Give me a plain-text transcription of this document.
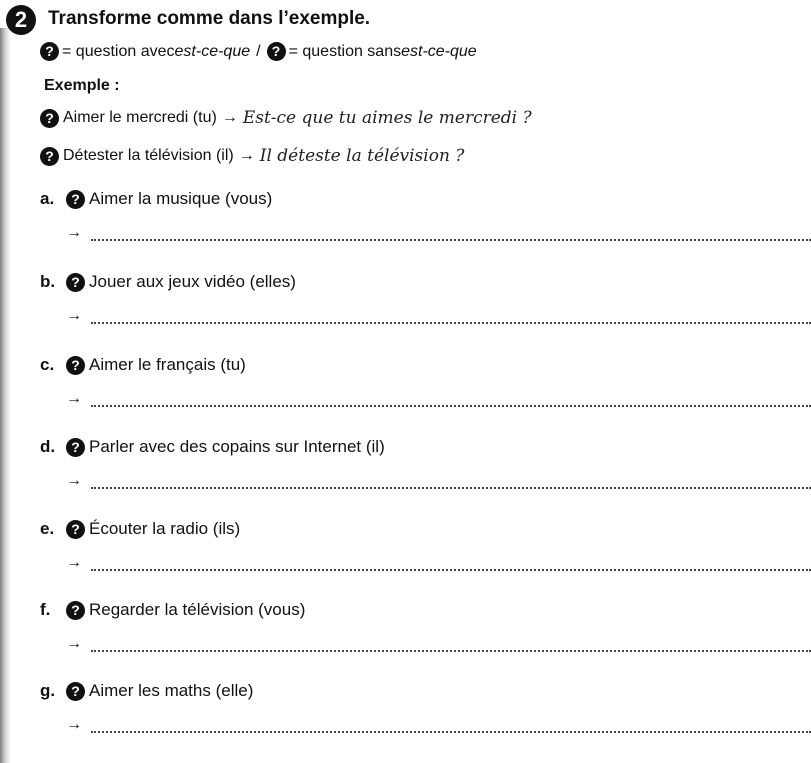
2	Transforme comme dans l’exemple.
? = question avec est-ce-que / ? = question sans est-ce-que
Exemple :
? Aimer le mercredi (tu) → Est-ce que tu aimes le mercredi ?
? Détester la télévision (il) → Il déteste la télévision ?
a.	? Aimer la musique (vous)
→
b.	? Jouer aux jeux vidéo (elles)
→
c.	? Aimer le français (tu)
→
d.	? Parler avec des copains sur Internet (il)
→
e.	? Écouter la radio (ils)
→
f.	? Regarder la télévision (vous)
→
g.	? Aimer les maths (elle)
→
